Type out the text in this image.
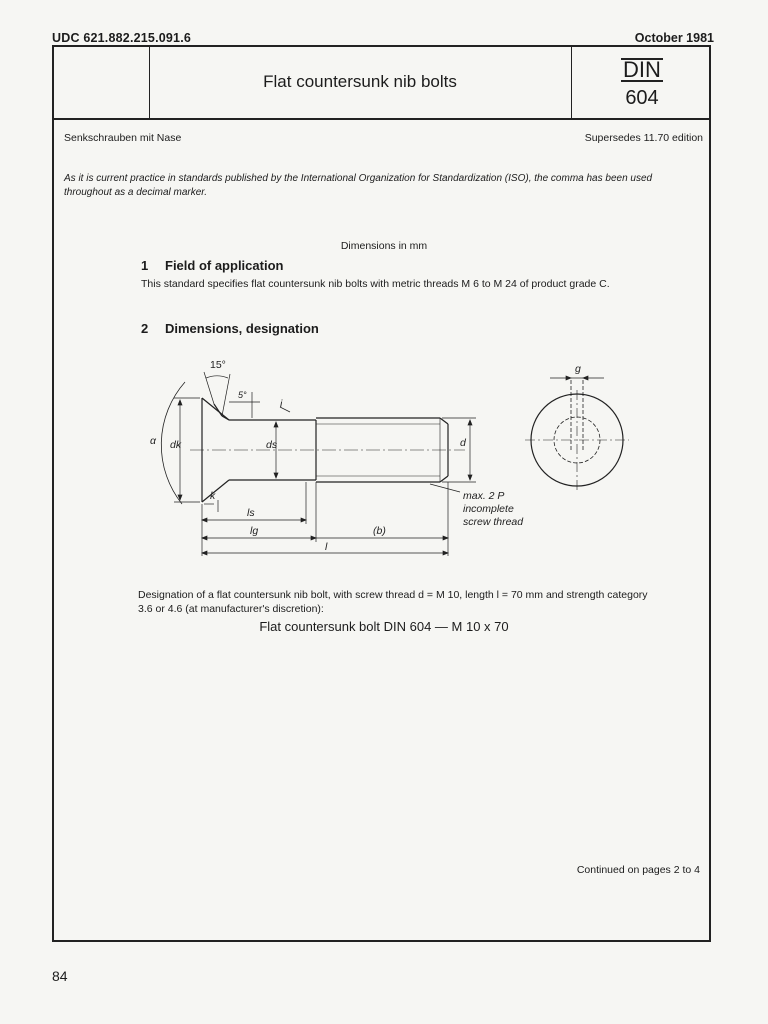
UDC 621.882.215.091.6	October 1981
Flat countersunk nib bolts	DIN
604
Senkschrauben mit Nase	Supersedes 11.70 edition
As it is current practice in standards published by the International Organization for Standardization (ISO), the comma has been used throughout as a decimal marker.
Dimensions in mm
1 Field of application
This standard specifies flat countersunk nib bolts with metric threads M 6 to M 24 of product grade C.
2 Dimensions, designation
15°
α dk	ds	d
k
ls
lg	(b)
l
g
i
5°
max. 2 P
incomplete
screw thread
Designation of a flat countersunk nib bolt, with screw thread d = M 10, length l = 70 mm and strength category 3.6 or 4.6 (at manufacturer's discretion):
Flat countersunk bolt DIN 604 — M 10 x 70
Continued on pages 2 to 4
84
